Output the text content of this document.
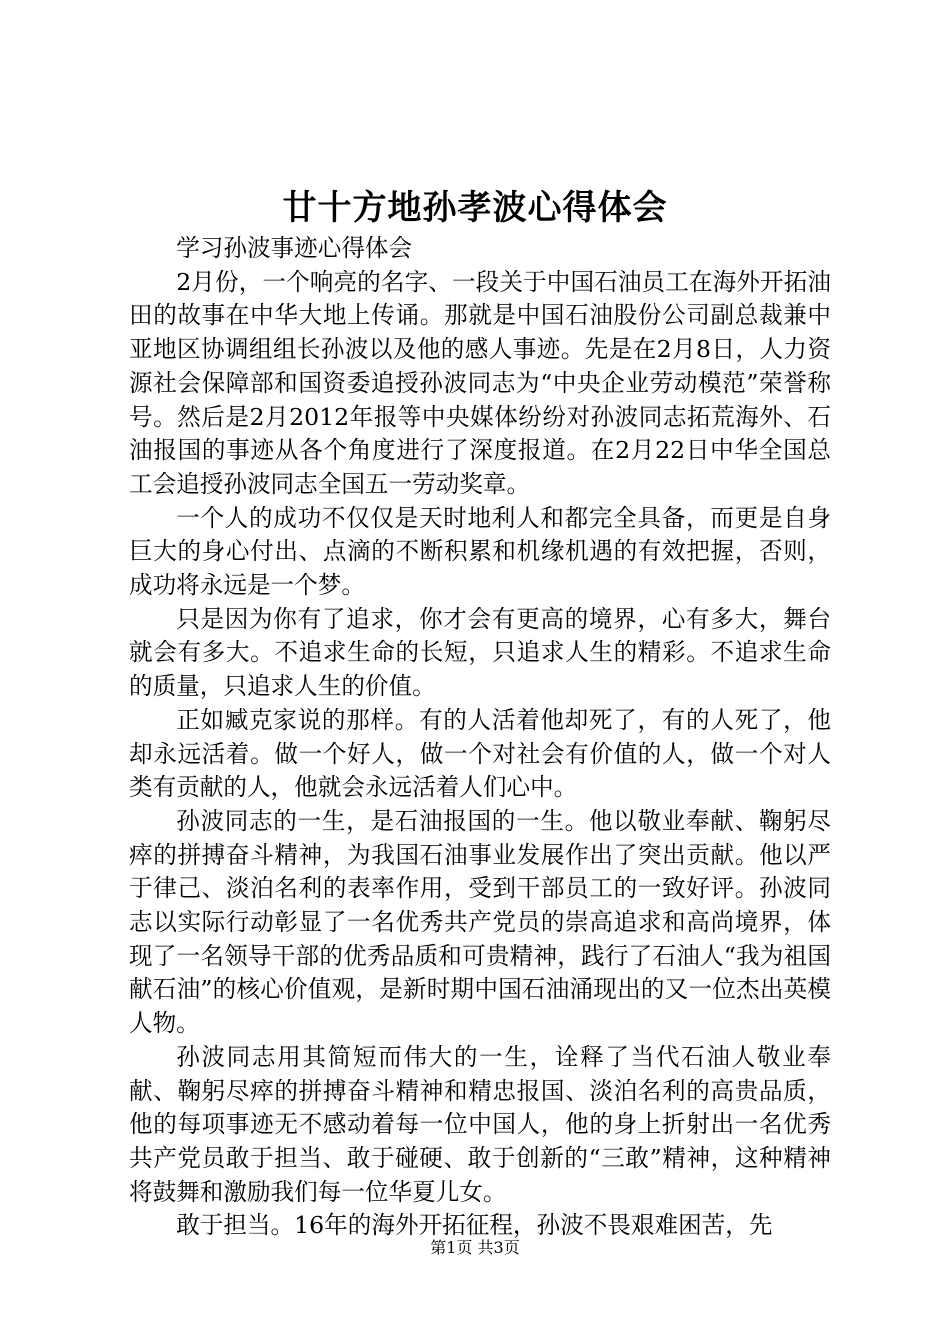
廿十方地孙孝波心得体会

学习孙波事迹心得体会

2月份，一个响亮的名字、一段关于中国石油员工在海外开拓油田的故事在中华大地上传诵。那就是中国石油股份公司副总裁兼中亚地区协调组组长孙波以及他的感人事迹。先是在2月8日，人力资源社会保障部和国资委追授孙波同志为“中央企业劳动模范”荣誉称号。然后是2月2012年报等中央媒体纷纷对孙波同志拓荒海外、石油报国的事迹从各个角度进行了深度报道。在2月22日中华全国总工会追授孙波同志全国五一劳动奖章。

一个人的成功不仅仅是天时地利人和都完全具备，而更是自身巨大的身心付出、点滴的不断积累和机缘机遇的有效把握，否则，成功将永远是一个梦。

只是因为你有了追求，你才会有更高的境界，心有多大，舞台就会有多大。不追求生命的长短，只追求人生的精彩。不追求生命的质量，只追求人生的价值。

正如臧克家说的那样。有的人活着他却死了，有的人死了，他却永远活着。做一个好人，做一个对社会有价值的人，做一个对人类有贡献的人，他就会永远活着人们心中。

孙波同志的一生，是石油报国的一生。他以敬业奉献、鞠躬尽瘁的拼搏奋斗精神，为我国石油事业发展作出了突出贡献。他以严于律己、淡泊名利的表率作用，受到干部员工的一致好评。孙波同志以实际行动彰显了一名优秀共产党员的崇高追求和高尚境界，体现了一名领导干部的优秀品质和可贵精神，践行了石油人“我为祖国献石油”的核心价值观，是新时期中国石油涌现出的又一位杰出英模人物。

孙波同志用其简短而伟大的一生，诠释了当代石油人敬业奉献、鞠躬尽瘁的拼搏奋斗精神和精忠报国、淡泊名利的高贵品质，他的每项事迹无不感动着每一位中国人，他的身上折射出一名优秀共产党员敢于担当、敢于碰硬、敢于创新的“三敢”精神，这种精神将鼓舞和激励我们每一位华夏儿女。

敢于担当。16年的海外开拓征程，孙波不畏艰难困苦，先

第1页 共3页
